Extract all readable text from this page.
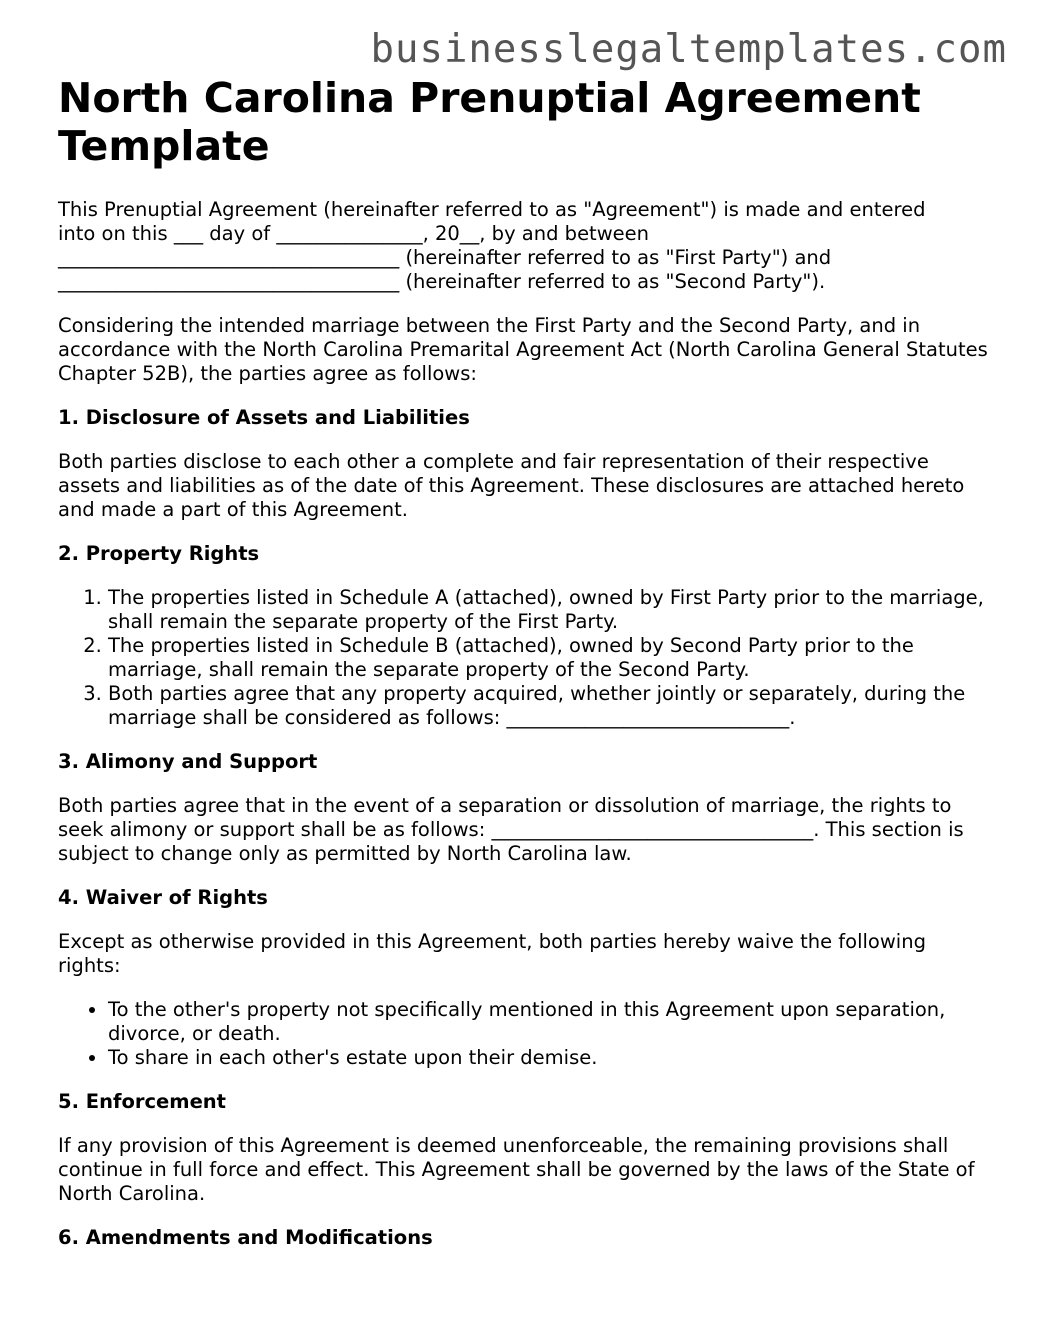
businesslegaltemplates.com
North Carolina Prenuptial Agreement Template

This Prenuptial Agreement (hereinafter referred to as "Agreement") is made and entered
into on this ___ day of _______________, 20__, by and between
___________________________________ (hereinafter referred to as "First Party") and
___________________________________ (hereinafter referred to as "Second Party").

Considering the intended marriage between the First Party and the Second Party, and in accordance with the North Carolina Premarital Agreement Act (North Carolina General Statutes Chapter 52B), the parties agree as follows:

1. Disclosure of Assets and Liabilities

Both parties disclose to each other a complete and fair representation of their respective assets and liabilities as of the date of this Agreement. These disclosures are attached hereto and made a part of this Agreement.

2. Property Rights
1. The properties listed in Schedule A (attached), owned by First Party prior to the marriage, shall remain the separate property of the First Party.
2. The properties listed in Schedule B (attached), owned by Second Party prior to the marriage, shall remain the separate property of the Second Party.
3. Both parties agree that any property acquired, whether jointly or separately, during the marriage shall be considered as follows: _____________________________.
3. Alimony and Support

Both parties agree that in the event of a separation or dissolution of marriage, the rights to seek alimony or support shall be as follows: _________________________________. This section is subject to change only as permitted by North Carolina law.

4. Waiver of Rights

Except as otherwise provided in this Agreement, both parties hereby waive the following rights:

• To the other's property not specifically mentioned in this Agreement upon separation, divorce, or death.
• To share in each other's estate upon their demise.
5. Enforcement

If any provision of this Agreement is deemed unenforceable, the remaining provisions shall continue in full force and effect. This Agreement shall be governed by the laws of the State of North Carolina.

6. Amendments and Modifications
